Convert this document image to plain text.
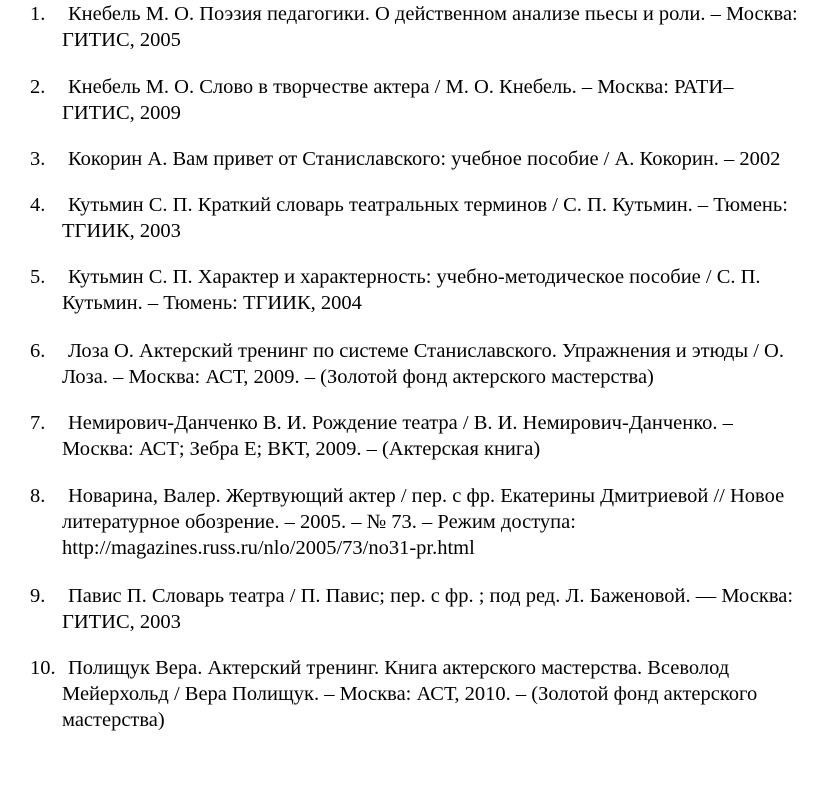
1. Кнебель М. О. Поэзия педагогики. О действенном анализе пьесы и роли. – Москва:
ГИТИС, 2005
2. Кнебель М. О. Слово в творчестве актера / М. О. Кнебель. – Москва: РАТИ–
ГИТИС, 2009
3. Кокорин А. Вам привет от Станиславского: учебное пособие / А. Кокорин. – 2002
4. Кутьмин С. П. Краткий словарь театральных терминов / С. П. Кутьмин. – Тюмень:
ТГИИК, 2003
5. Кутьмин С. П. Характер и характерность: учебно-методическое пособие / С. П.
Кутьмин. – Тюмень: ТГИИК, 2004
6. Лоза О. Актерский тренинг по системе Станиславского. Упражнения и этюды / О.
Лоза. – Москва: АСТ, 2009. – (Золотой фонд актерского мастерства)
7. Немирович-Данченко В. И. Рождение театра / В. И. Немирович-Данченко. –
Москва: АСТ; Зебра Е; ВКТ, 2009. – (Актерская книга)
8. Новарина, Валер. Жертвующий актер / пер. с фр. Екатерины Дмитриевой // Новое
литературное обозрение. – 2005. – № 73. – Режим доступа:
http://magazines.russ.ru/nlo/2005/73/no31-pr.html
9. Павис П. Словарь театра / П. Павис; пер. с фр. ; под ред. Л. Баженовой. — Москва:
ГИТИС, 2003
10. Полищук Вера. Актерский тренинг. Книга актерского мастерства. Всеволод
Мейерхольд / Вера Полищук. – Москва: АСТ, 2010. – (Золотой фонд актерского
мастерства)
